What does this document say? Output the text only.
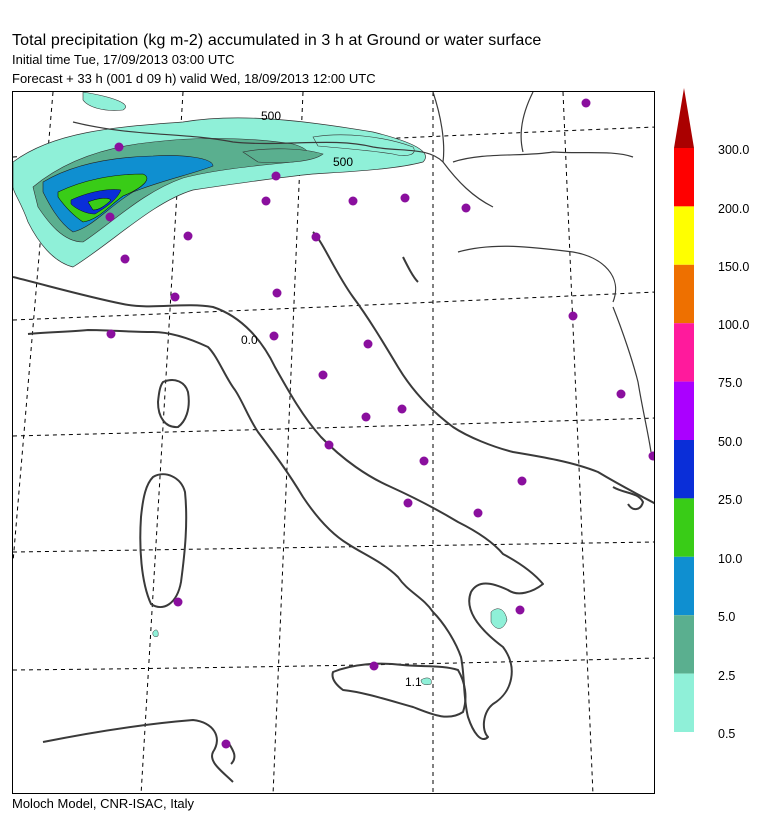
Total precipitation (kg m-2) accumulated in 3 h at Ground or water surface
Initial time Tue, 17/09/2013 03:00 UTC
Forecast + 33 h (001 d 09 h) valid Wed, 18/09/2013 12:00 UTC
500
500
0.0
1.1
300.0
200.0
150.0
100.0
75.0
50.0
25.0
10.0
5.0
2.5
0.5
Moloch Model, CNR-ISAC, Italy
